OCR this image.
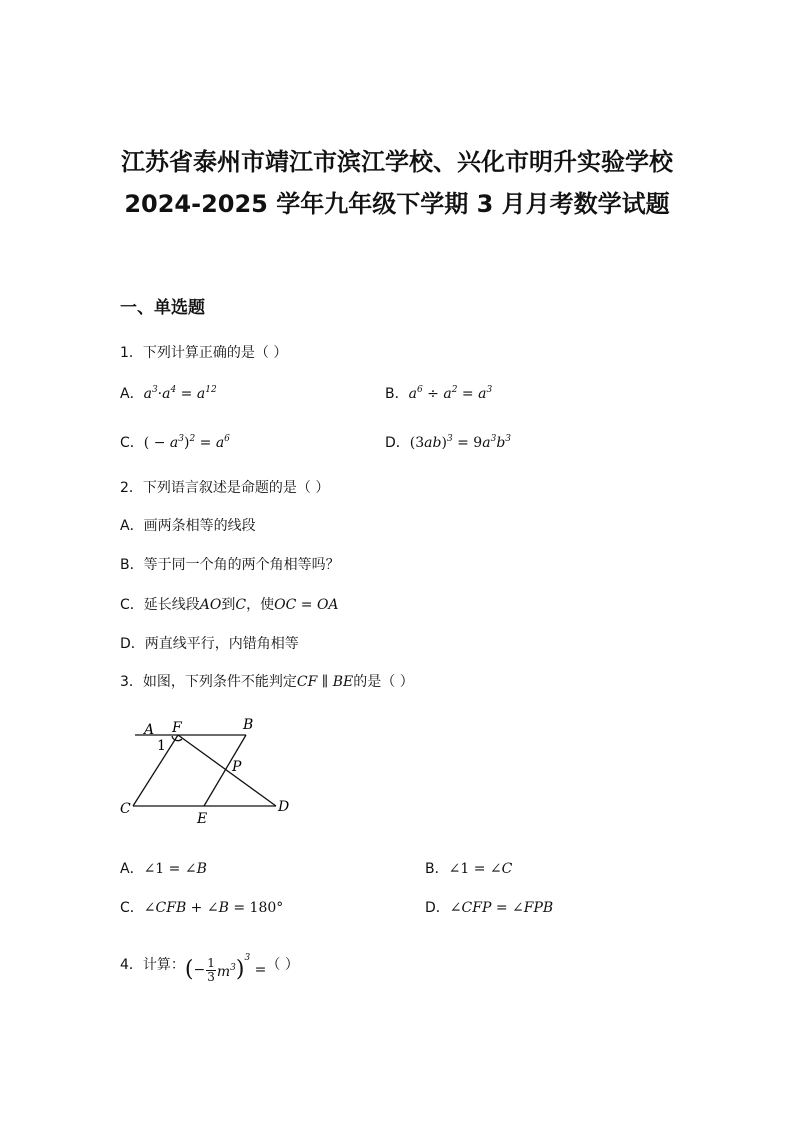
江苏省泰州市靖江市滨江学校、兴化市明升实验学校
2024-2025 学年九年级下学期 3 月月考数学试题
一、单选题
1．下列计算正确的是（ ）
A．$a^3\cdot a^4 = a^{12}$	B．$a^6 \div a^2 = a^3$
C．( − $a^3)^2 = a^6$	D．$(3ab)^3 = 9a^3b^3$
2．下列语言叙述是命题的是（ ）
A．画两条相等的线段
B．等于同一个角的两个角相等吗？
C．延长线段AO到C，使OC = OA
D．两直线平行，内错角相等
3．如图，下列条件不能判定CF ∥ BE的是（ ）
A F	B
1
P
C
E
D
A．∠1 = ∠B	B．∠1 = ∠C
C．∠CFB + ∠B = 180°	D．∠CFP = ∠FPB
4．计算：(− $\frac{1}{3} m^3)^3$ =（ ）
